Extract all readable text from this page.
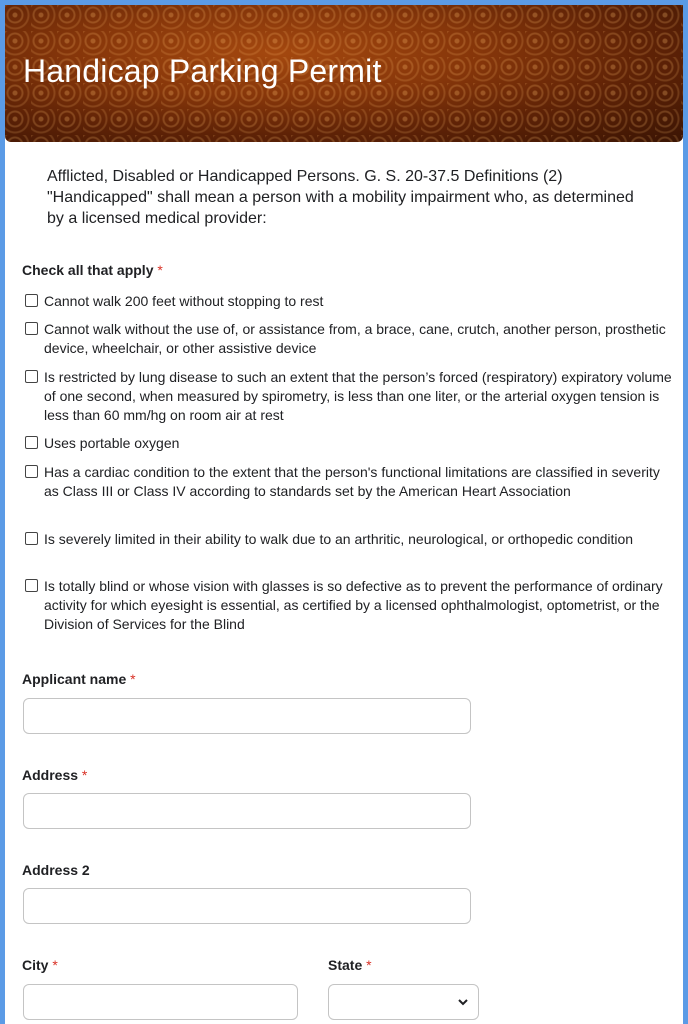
Handicap Parking Permit
Afflicted, Disabled or Handicapped Persons. G. S. 20-37.5 Definitions (2) "Handicapped" shall mean a person with a mobility impairment who, as determined by a licensed medical provider:
Check all that apply *
Cannot walk 200 feet without stopping to rest
Cannot walk without the use of, or assistance from, a brace, cane, crutch, another person, prosthetic device, wheelchair, or other assistive device
Is restricted by lung disease to such an extent that the person’s forced (respiratory) expiratory volume of one second, when measured by spirometry, is less than one liter, or the arterial oxygen tension is less than 60 mm/hg on room air at rest
Uses portable oxygen
Has a cardiac condition to the extent that the person's functional limitations are classified in severity as Class III or Class IV according to standards set by the American Heart Association
Is severely limited in their ability to walk due to an arthritic, neurological, or orthopedic condition
Is totally blind or whose vision with glasses is so defective as to prevent the performance of ordinary activity for which eyesight is essential, as certified by a licensed ophthalmologist, optometrist, or the Division of Services for the Blind
Applicant name *
Address *
Address 2
City *	State *
